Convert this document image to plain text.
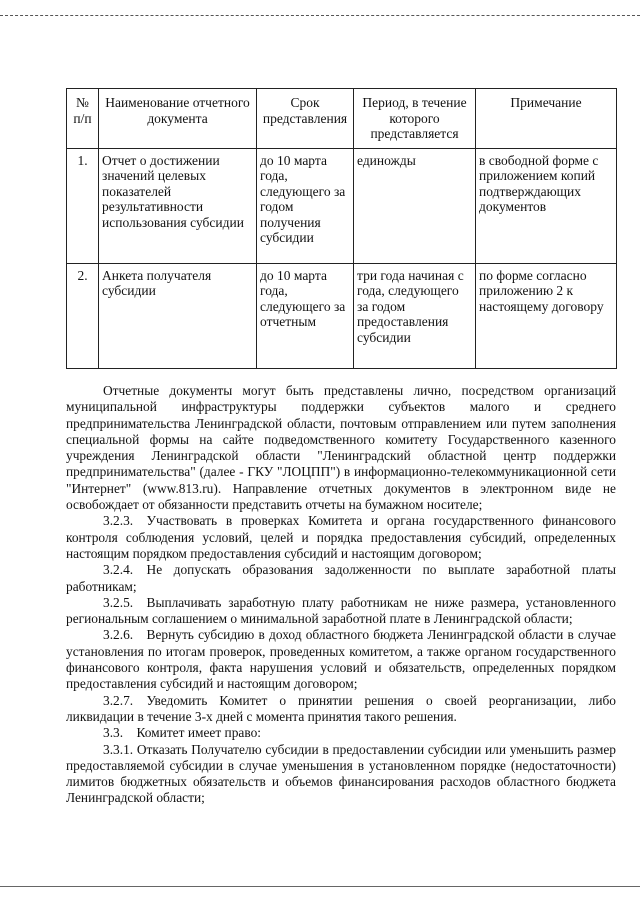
№ п/п	Наименование отчетного документа	Срок представления	Период, в течение которого представляется	Примечание
1.	Отчет о достижении значений целевых показателей результативности использования субсидии	до 10 марта года, следующего за годом получения субсидии	единожды	в свободной форме с приложением копий подтверждающих документов
2.	Анкета получателя субсидии	до 10 марта года, следующего за отчетным	три года начиная с года, следующего за годом предоставления субсидии	по форме согласно приложению 2 к настоящему договору

Отчетные документы могут быть представлены лично, посредством организаций муниципальной инфраструктуры поддержки субъектов малого и среднего предпринимательства Ленинградской области, почтовым отправлением или путем заполнения специальной формы на сайте подведомственного комитету Государственного казенного учреждения Ленинградской области "Ленинградский областной центр поддержки предпринимательства" (далее - ГКУ "ЛОЦПП") в информационно-телекоммуникационной сети "Интернет" (www.813.ru). Направление отчетных документов в электронном виде не освобождает от обязанности представить отчеты на бумажном носителе;

3.2.3. Участвовать в проверках Комитета и органа государственного финансового контроля соблюдения условий, целей и порядка предоставления субсидий, определенных настоящим порядком предоставления субсидий и настоящим договором;

3.2.4. Не допускать образования задолженности по выплате заработной платы работникам;

3.2.5. Выплачивать заработную плату работникам не ниже размера, установленного региональным соглашением о минимальной заработной плате в Ленинградской области;

3.2.6. Вернуть субсидию в доход областного бюджета Ленинградской области в случае установления по итогам проверок, проведенных комитетом, а также органом государственного финансового контроля, факта нарушения условий и обязательств, определенных порядком предоставления субсидий и настоящим договором;

3.2.7. Уведомить Комитет о принятии решения о своей реорганизации, либо ликвидации в течение 3-х дней с момента принятия такого решения.

3.3. Комитет имеет право:

3.3.1. Отказать Получателю субсидии в предоставлении субсидии или уменьшить размер предоставляемой субсидии в случае уменьшения в установленном порядке (недостаточности) лимитов бюджетных обязательств и объемов финансирования расходов областного бюджета Ленинградской области;
